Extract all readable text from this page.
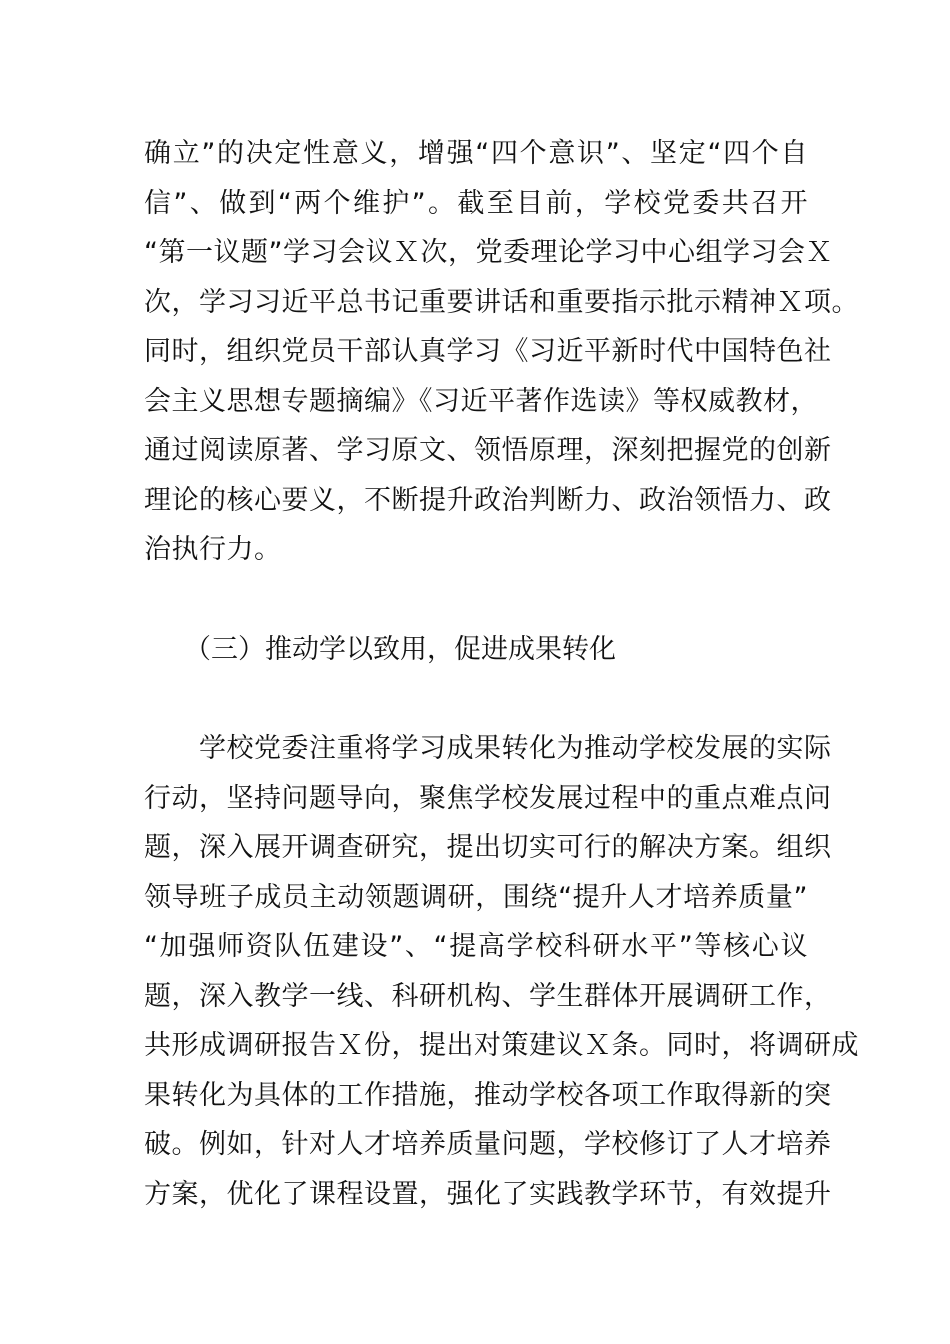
确立”的决定性意义，增强“四个意识”、坚定“四个自
信”、做到“两个维护”。截至目前，学校党委共召开
“第一议题”学习会议Ｘ次，党委理论学习中心组学习会Ｘ
次，学习习近平总书记重要讲话和重要指示批示精神Ｘ项。
同时，组织党员干部认真学习《习近平新时代中国特色社
会主义思想专题摘编》《习近平著作选读》等权威教材，
通过阅读原著、学习原文、领悟原理，深刻把握党的创新
理论的核心要义，不断提升政治判断力、政治领悟力、政
治执行力。
（三）推动学以致用，促进成果转化
　　学校党委注重将学习成果转化为推动学校发展的实际
行动，坚持问题导向，聚焦学校发展过程中的重点难点问
题，深入展开调查研究，提出切实可行的解决方案。组织
领导班子成员主动领题调研，围绕“提升人才培养质量”
“加强师资队伍建设”、“提高学校科研水平”等核心议
题，深入教学一线、科研机构、学生群体开展调研工作，
共形成调研报告Ｘ份，提出对策建议Ｘ条。同时，将调研成
果转化为具体的工作措施，推动学校各项工作取得新的突
破。例如，针对人才培养质量问题，学校修订了人才培养
方案，优化了课程设置，强化了实践教学环节，有效提升
